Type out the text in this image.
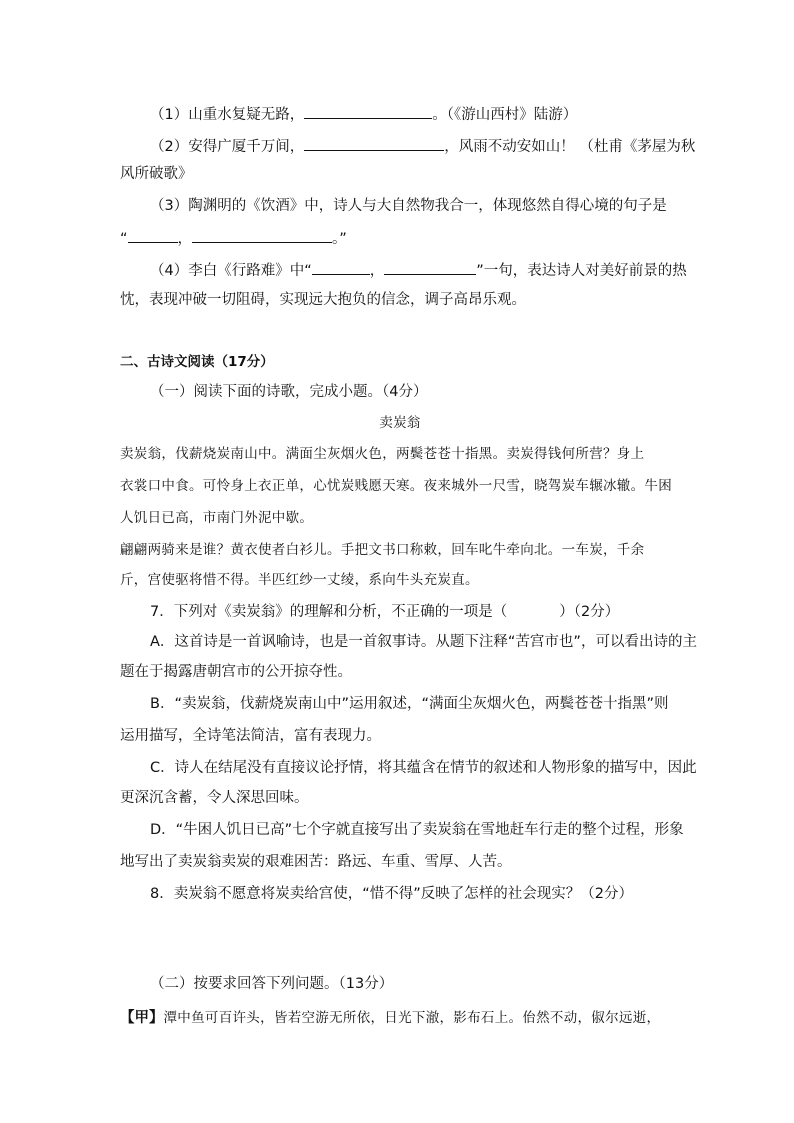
（1）山重水复疑无路，	。（《游山西村》陆游）
（2）安得广厦千万间，	，风雨不动安如山！ （杜甫《茅屋为秋
风所破歌》
（3）陶渊明的《饮酒》中，诗人与大自然物我合一，体现悠然自得心境的句子是
“	，	。”
（4）李白《行路难》中“	，	”一句，表达诗人对美好前景的热
忱，表现冲破一切阻碍，实现远大抱负的信念，调子高昂乐观。
二、古诗文阅读（17分）
（一）阅读下面的诗歌，完成小题。（4分）
卖炭翁
卖炭翁，伐薪烧炭南山中。满面尘灰烟火色，两鬓苍苍十指黑。卖炭得钱何所营？身上
衣裳口中食。可怜身上衣正单，心忧炭贱愿天寒。夜来城外一尺雪，晓驾炭车辗冰辙。牛困
人饥日已高，市南门外泥中歇。
翩翩两骑来是谁？黄衣使者白衫儿。手把文书口称敕，回车叱牛牵向北。一车炭，千余
斤，宫使驱将惜不得。半匹红纱一丈绫，系向牛头充炭直。
7．下列对《卖炭翁》的理解和分析，不正确的一项是（	）（2分）
A．这首诗是一首讽喻诗，也是一首叙事诗。从题下注释“苦宫市也”，可以看出诗的主
题在于揭露唐朝宫市的公开掠夺性。
B．“卖炭翁，伐薪烧炭南山中”运用叙述，“满面尘灰烟火色，两鬓苍苍十指黑”则
运用描写，全诗笔法简洁，富有表现力。
C．诗人在结尾没有直接议论抒情，将其蕴含在情节的叙述和人物形象的描写中，因此
更深沉含蓄，令人深思回味。
D．“牛困人饥日已高”七个字就直接写出了卖炭翁在雪地赶车行走的整个过程，形象
地写出了卖炭翁卖炭的艰难困苦：路远、车重、雪厚、人苦。
8．卖炭翁不愿意将炭卖给宫使，“惜不得”反映了怎样的社会现实？（2分）
（二）按要求回答下列问题。（13分）
【甲】潭中鱼可百许头，皆若空游无所依，日光下澈，影布石上。佁然不动，俶尔远逝，
